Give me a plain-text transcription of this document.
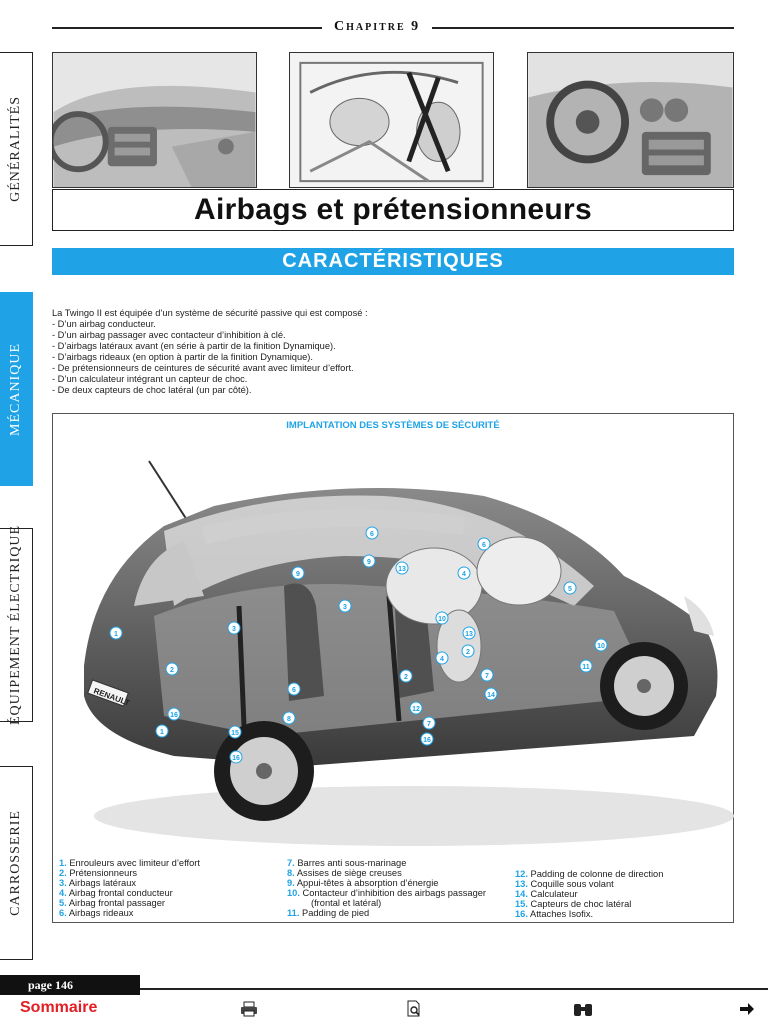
Chapitre 9
GÉNÉRALITÉS
MÉCANIQUE
ÉQUIPEMENT ÉLECTRIQUE
CARROSSERIE
Airbags et prétensionneurs
CARACTÉRISTIQUES
La Twingo II est équipée d’un système de sécurité passive qui est composé :
- D’un airbag conducteur.
- D’un airbag passager avec contacteur d’inhibition à clé.
- D’airbags latéraux avant (en série à partir de la finition Dynamique).
- D’airbags rideaux (en option à partir de la finition Dynamique).
- De prétensionneurs de ceintures de sécurité avant avec limiteur d’effort.
- D’un calculateur intégrant un capteur de choc.
- De deux capteurs de choc latéral (un par côté).
IMPLANTATION DES SYSTÈMES DE SÉCURITÉ
RENAULT
1
2
3
6
8
4
3
2
2
10
7
12
13
13
9
6
9
4
6
5
10
11
7
14
16
16
15
1
16
1. Enrouleurs avec limiteur d’effort
2. Prétensionneurs
3. Airbags latéraux
4. Airbag frontal conducteur
5. Airbag frontal passager
6. Airbags rideaux
7. Barres anti sous-marinage
8. Assises de siège creuses
9. Appui-têtes à absorption d’énergie
10. Contacteur d’inhibition des airbags passager
(frontal et latéral)
11. Padding de pied
12. Padding de colonne de direction
13. Coquille sous volant
14. Calculateur
15. Capteurs de choc latéral
16. Attaches Isofix.
page 146
Sommaire
